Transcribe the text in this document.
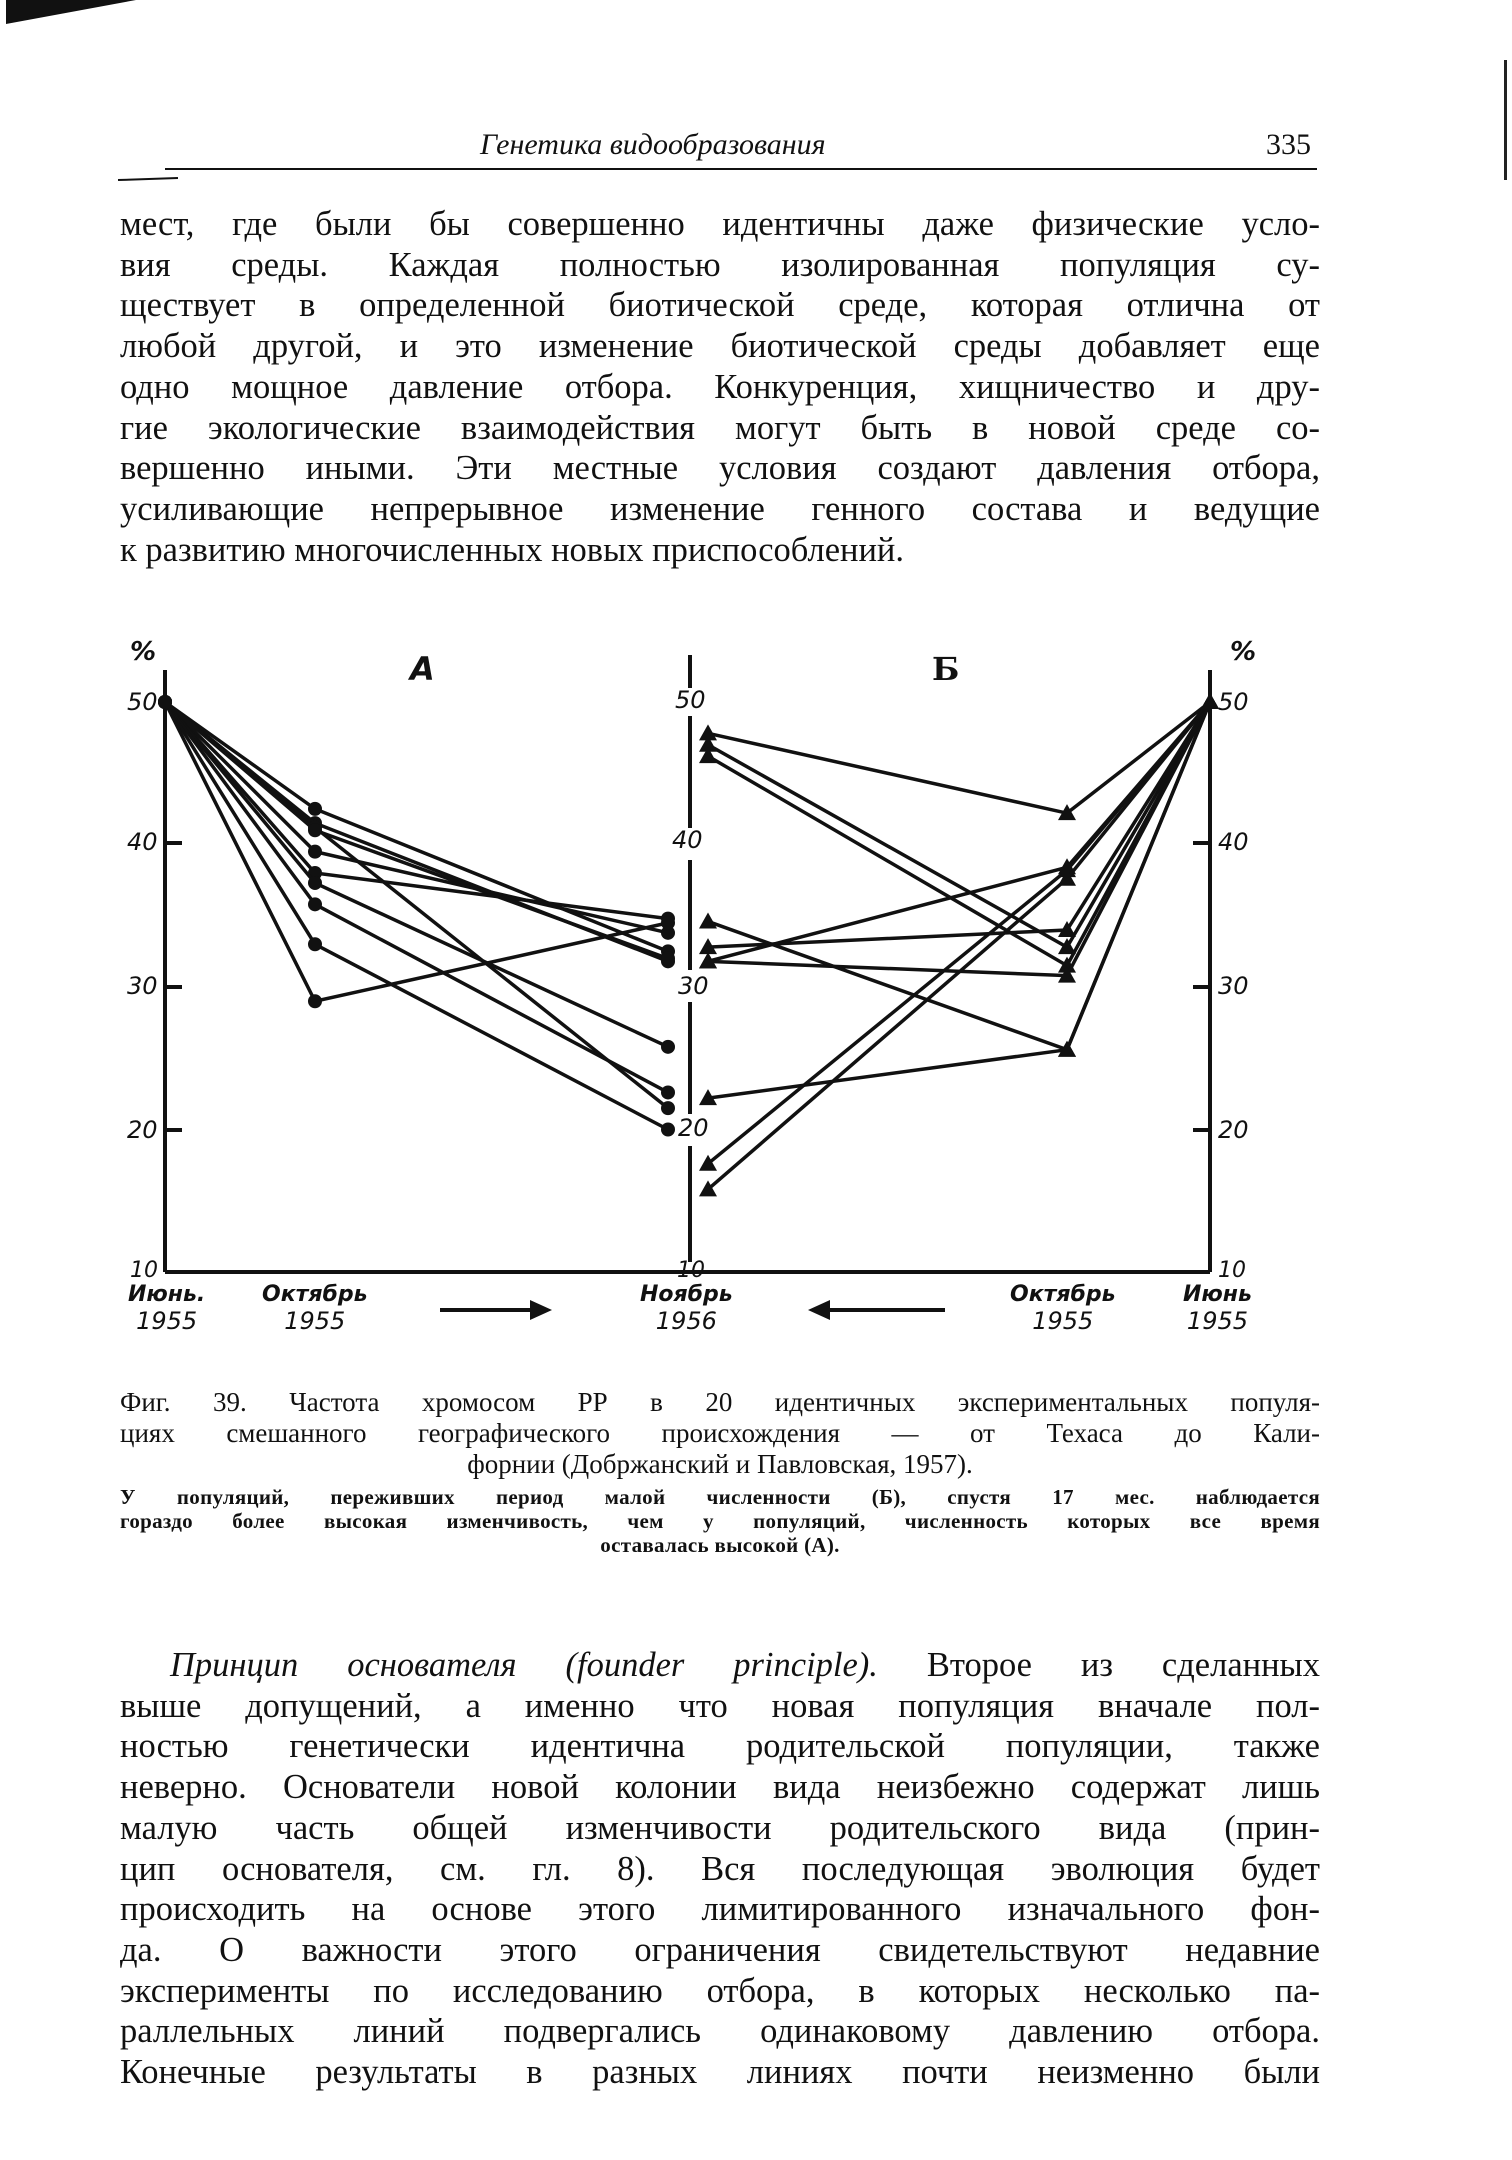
Генетика видообразования	335
мест, где были бы совершенно идентичны даже физические усло-
вия среды. Каждая полностью изолированная популяция су-
ществует в определенной биотической среде, которая отлична от
любой другой, и это изменение биотической среды добавляет еще
одно мощное давление отбора. Конкуренция, хищничество и дру-
гие экологические взаимодействия могут быть в новой среде со-
вершенно иными. Эти местные условия создают давления отбора,
усиливающие непрерывное изменение генного состава и ведущие
к развитию многочисленных новых приспособлений.
%	%
А	Б
50
40
30
20
10
50
40
30
20
10
50
40
30
20
10
Июнь.
1955
Октябрь
1955
Ноябрь
1956
Октябрь
1955
Июнь
1955
Фиг. 39. Частота хромосом РР в 20 идентичных экспериментальных популя-
циях смешанного географического происхождения — от Техаса до Кали-
форнии (Добржанский и Павловская, 1957).
У популяций, переживших период малой численности (Б), спустя 17 мес. наблюдается
гораздо более высокая изменчивость, чем у популяций, численность которых все время
оставалась высокой (А).
Принцип основателя (founder principle). Второе из сделанных
выше допущений, а именно что новая популяция вначале пол-
ностью генетически идентична родительской популяции, также
неверно. Основатели новой колонии вида неизбежно содержат лишь
малую часть общей изменчивости родительского вида (прин-
цип основателя, см. гл. 8). Вся последующая эволюция будет
происходить на основе этого лимитированного изначального фон-
да. О важности этого ограничения свидетельствуют недавние
эксперименты по исследованию отбора, в которых несколько па-
раллельных линий подвергались одинаковому давлению отбора.
Конечные результаты в разных линиях почти неизменно были
